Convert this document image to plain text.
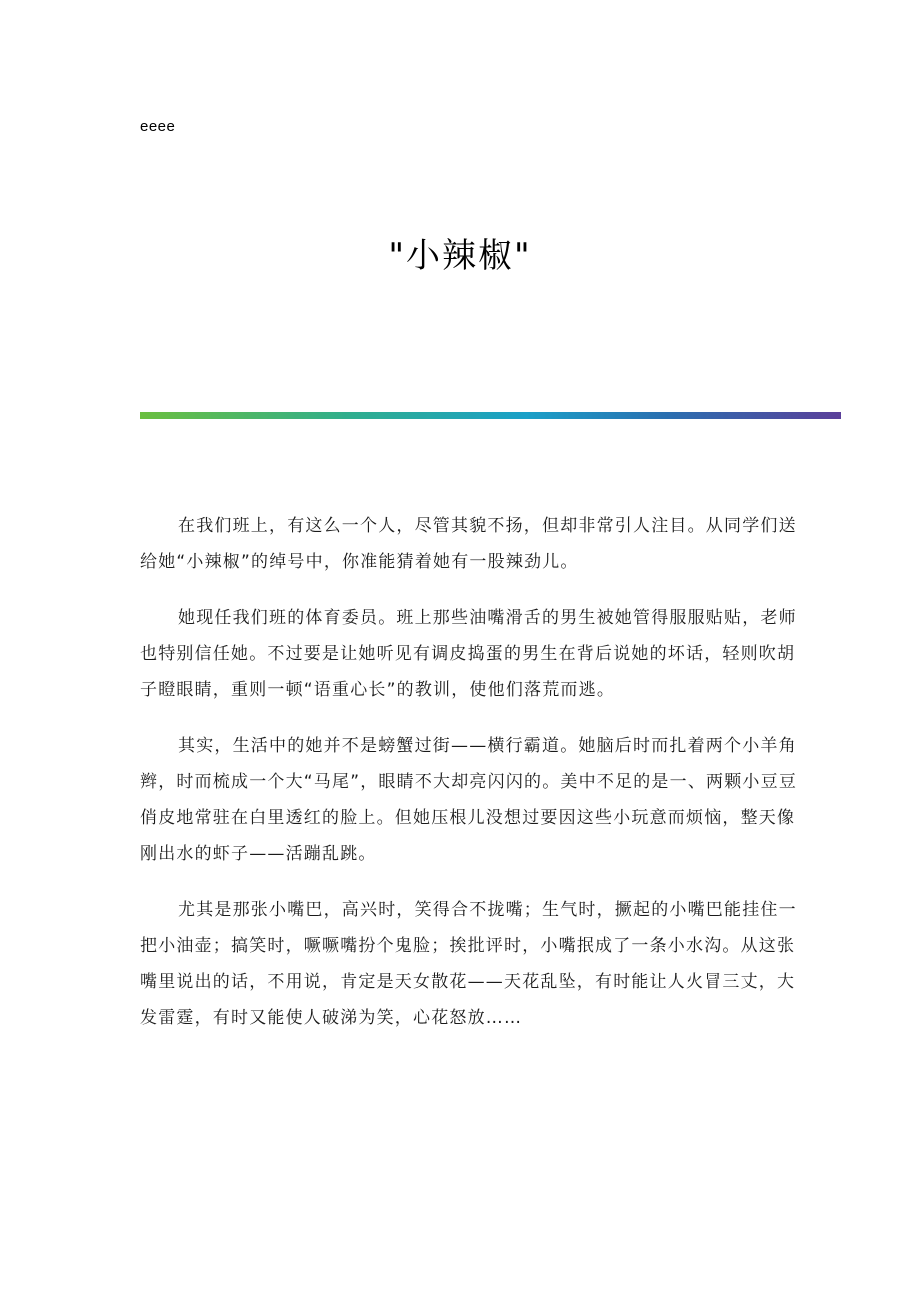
eeee
"小辣椒"

在我们班上，有这么一个人，尽管其貌不扬，但却非常引人注目。从同学们送给她“小辣椒”的绰号中，你准能猜着她有一股辣劲儿。

她现任我们班的体育委员。班上那些油嘴滑舌的男生被她管得服服贴贴，老师也特别信任她。不过要是让她听见有调皮捣蛋的男生在背后说她的坏话，轻则吹胡子瞪眼睛，重则一顿“语重心长”的教训，使他们落荒而逃。

其实，生活中的她并不是螃蟹过街——横行霸道。她脑后时而扎着两个小羊角辫，时而梳成一个大“马尾”，眼睛不大却亮闪闪的。美中不足的是一、两颗小豆豆俏皮地常驻在白里透红的脸上。但她压根儿没想过要因这些小玩意而烦恼，整天像刚出水的虾子——活蹦乱跳。

尤其是那张小嘴巴，高兴时，笑得合不拢嘴；生气时，撅起的小嘴巴能挂住一把小油壶；搞笑时，噘噘嘴扮个鬼脸；挨批评时，小嘴抿成了一条小水沟。从这张嘴里说出的话，不用说，肯定是天女散花——天花乱坠，有时能让人火冒三丈，大发雷霆，有时又能使人破涕为笑，心花怒放……
